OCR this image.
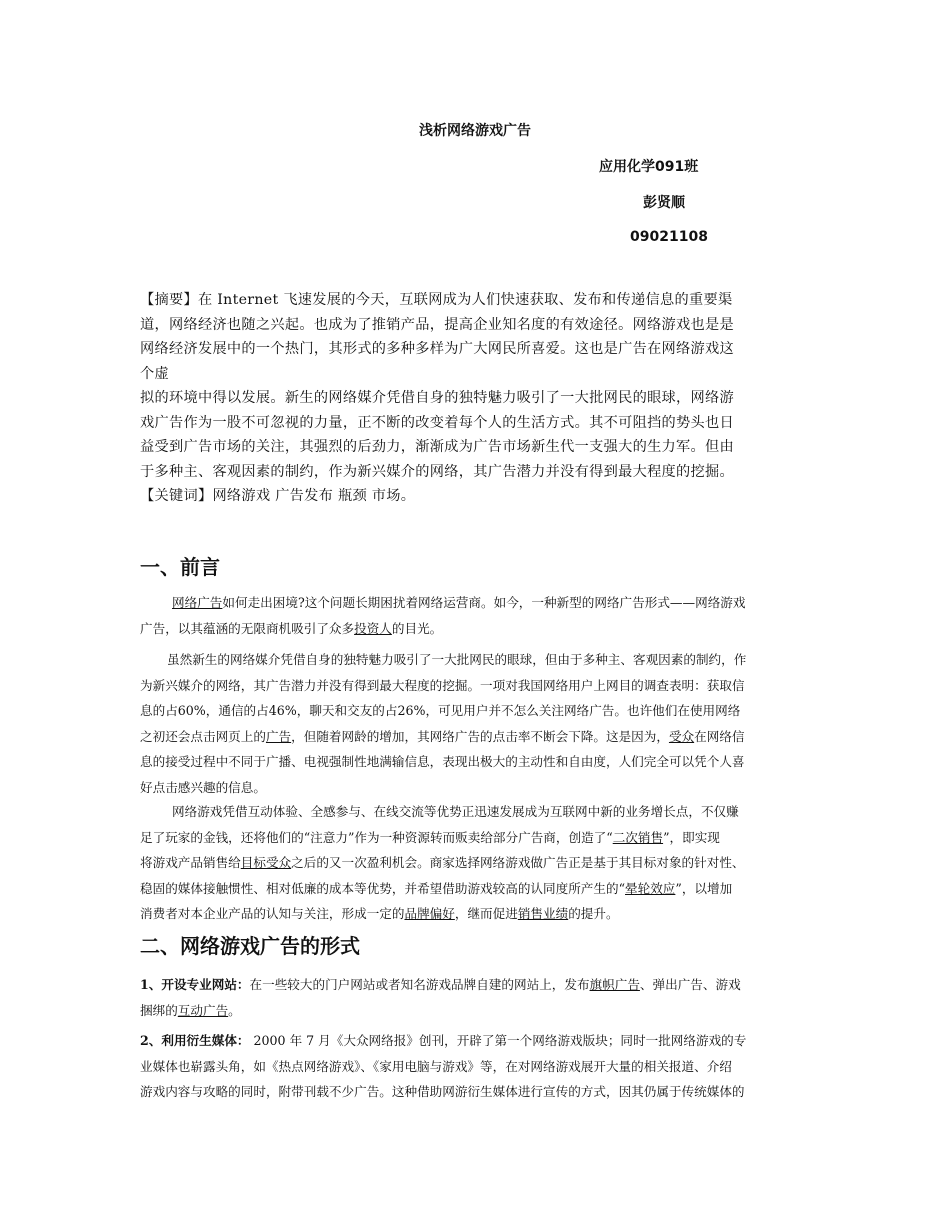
浅析网络游戏广告
应用化学091班
彭贤顺
09021108
【摘要】在 Internet 飞速发展的今天，互联网成为人们快速获取、发布和传递信息的重要渠
道，网络经济也随之兴起。也成为了推销产品，提高企业知名度的有效途径。网络游戏也是是
网络经济发展中的一个热门，其形式的多种多样为广大网民所喜爱。这也是广告在网络游戏这
个虚
拟的环境中得以发展。新生的网络媒介凭借自身的独特魅力吸引了一大批网民的眼球，网络游
戏广告作为一股不可忽视的力量，正不断的改变着每个人的生活方式。其不可阻挡的势头也日
益受到广告市场的关注，其强烈的后劲力，渐渐成为广告市场新生代一支强大的生力军。但由
于多种主、客观因素的制约，作为新兴媒介的网络，其广告潜力并没有得到最大程度的挖掘。
【关键词】网络游戏 广告发布 瓶颈 市场。
一、前言
网络广告如何走出困境?这个问题长期困扰着网络运营商。如今，一种新型的网络广告形式——网络游戏
广告，以其蕴涵的无限商机吸引了众多投资人的目光。
虽然新生的网络媒介凭借自身的独特魅力吸引了一大批网民的眼球，但由于多种主、客观因素的制约，作
为新兴媒介的网络，其广告潜力并没有得到最大程度的挖掘。一项对我国网络用户上网目的调查表明：获取信
息的占60%，通信的占46%，聊天和交友的占26%，可见用户并不怎么关注网络广告。也许他们在使用网络
之初还会点击网页上的广告，但随着网龄的增加，其网络广告的点击率不断会下降。这是因为，受众在网络信
息的接受过程中不同于广播、电视强制性地满输信息，表现出极大的主动性和自由度，人们完全可以凭个人喜
好点击感兴趣的信息。
网络游戏凭借互动体验、全感参与、在线交流等优势正迅速发展成为互联网中新的业务增长点，不仅赚
足了玩家的金钱，还将他们的“注意力”作为一种资源转而贩卖给部分广告商，创造了“二次销售”，即实现
将游戏产品销售给目标受众之后的又一次盈利机会。商家选择网络游戏做广告正是基于其目标对象的针对性、
稳固的媒体接触惯性、相对低廉的成本等优势，并希望借助游戏较高的认同度所产生的“晕轮效应”，以增加
消费者对本企业产品的认知与关注，形成一定的品牌偏好，继而促进销售业绩的提升。
二、网络游戏广告的形式
1、开设专业网站：在一些较大的门户网站或者知名游戏品牌自建的网站上，发布旗帜广告、弹出广告、游戏
捆绑的互动广告。
2、利用衍生媒体： 2000 年 7 月《大众网络报》创刊，开辟了第一个网络游戏版块；同时一批网络游戏的专
业媒体也崭露头角，如《热点网络游戏》、《家用电脑与游戏》等，在对网络游戏展开大量的相关报道、介绍
游戏内容与攻略的同时，附带刊载不少广告。这种借助网游衍生媒体进行宣传的方式，因其仍属于传统媒体的
